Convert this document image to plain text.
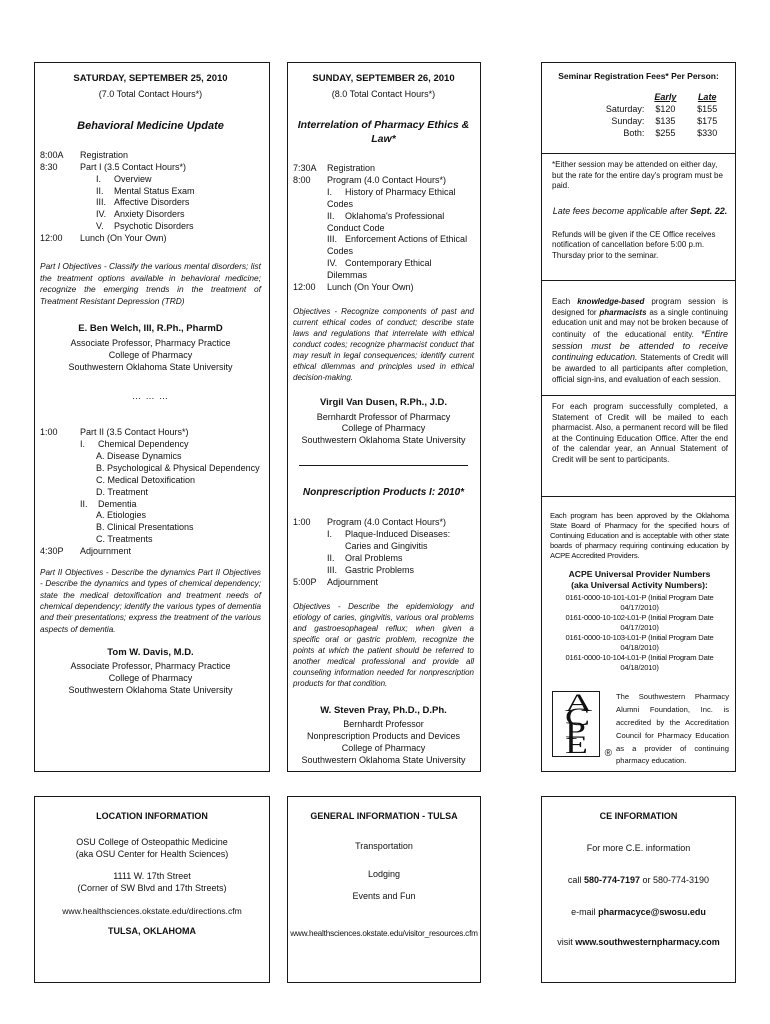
SATURDAY, SEPTEMBER 25, 2010
(7.0 Total Contact Hours*)
Behavioral Medicine Update
8:00A	Registration
8:30	Part I (3.5 Contact Hours*)
I. Overview
II. Mental Status Exam
III. Affective Disorders
IV. Anxiety Disorders
V. Psychotic Disorders
12:00	Lunch (On Your Own)
Part I Objectives - Classify the various mental disorders; list the treatment options available in behavioral medicine; recognize the emerging trends in the treatment of Treatment Resistant Depression (TRD)
E. Ben Welch, III, R.Ph., PharmD
Associate Professor, Pharmacy Practice
College of Pharmacy
Southwestern Oklahoma State University
… … …
1:00	Part II (3.5 Contact Hours*)
I. Chemical Dependency
A. Disease Dynamics
B. Psychological & Physical Dependency
C. Medical Detoxification
D. Treatment
II. Dementia
A. Etiologies
B. Clinical Presentations
C. Treatments
4:30P	Adjournment
Part II Objectives - Describe the dynamics Part II Objectives - Describe the dynamics and types of chemical dependency; state the medical detoxification and treatment needs of chemical dependency; identify the various types of dementia and their presentations; express the treatment of the various aspects of dementia.
Tom W. Davis, M.D.
Associate Professor, Pharmacy Practice
College of Pharmacy
Southwestern Oklahoma State University
SUNDAY, SEPTEMBER 26, 2010
(8.0 Total Contact Hours*)
Interrelation of Pharmacy Ethics & Law*
7:30A	Registration
8:00	Program (4.0 Contact Hours*)
I. History of Pharmacy Ethical Codes
II. Oklahoma's Professional Conduct Code
III. Enforcement Actions of Ethical Codes
IV. Contemporary Ethical Dilemmas
12:00	Lunch (On Your Own)
Objectives - Recognize components of past and current ethical codes of conduct; describe state laws and regulations that interrelate with ethical conduct codes; recognize pharmacist conduct that may result in legal consequences; identify current ethical dilemmas and principles used in ethical decision-making.
Virgil Van Dusen, R.Ph., J.D.
Bernhardt Professor of Pharmacy
College of Pharmacy
Southwestern Oklahoma State University
Nonprescription Products I: 2010*
1:00	Program (4.0 Contact Hours*)
I. Plaque-Induced Diseases:
Caries and Gingivitis
II. Oral Problems
III. Gastric Problems
5:00P	Adjournment
Objectives - Describe the epidemiology and etiology of caries, gingivitis, various oral problems and gastroesophageal reflux; when given a specific oral or gastric problem, recognize the points at which the patient should be referred to another medical professional and provide all counseling information needed for nonprescription products for that condition.
W. Steven Pray, Ph.D., D.Ph.
Bernhardt Professor
Nonprescription Products and Devices
College of Pharmacy
Southwestern Oklahoma State University
Seminar Registration Fees* Per Person:
	Early	Late
Saturday:	$120	$155
Sunday:	$135	$175
Both:	$255	$330
*Either session may be attended on either day, but the rate for the entire day's program must be paid.
Late fees become applicable after Sept. 22.
Refunds will be given if the CE Office receives notification of cancellation before 5:00 p.m. Thursday prior to the seminar.
Each knowledge-based program session is designed for pharmacists as a single continuing education unit and may not be broken because of continuity of the educational entity. *Entire session must be attended to receive continuing education. Statements of Credit will be awarded to all participants after completion, official sign-ins, and evaluation of each session.
For each program successfully completed, a Statement of Credit will be mailed to each pharmacist. Also, a permanent record will be filed at the Continuing Education Office. After the end of the calendar year, an Annual Statement of Credit will be sent to participants.
Each program has been approved by the Oklahoma State Board of Pharmacy for the specified hours of Continuing Education and is acceptable with other state boards of pharmacy requiring continuing education by ACPE Accredited Providers.
ACPE Universal Provider Numbers
(aka Universal Activity Numbers):
0161-0000-10-101-L01-P (Initial Program Date 04/17/2010)
0161-0000-10-102-L01-P (Initial Program Date 04/17/2010)
0161-0000-10-103-L01-P (Initial Program Date 04/18/2010)
0161-0000-10-104-L01-P (Initial Program Date 04/18/2010)
ACPE ®
The Southwestern Pharmacy Alumni Foundation, Inc. is accredited by the Accreditation Council for Pharmacy Education as a provider of continuing pharmacy education.
LOCATION INFORMATION
OSU College of Osteopathic Medicine
(aka OSU Center for Health Sciences)
1111 W. 17th Street
(Corner of SW Blvd and 17th Streets)
www.healthsciences.okstate.edu/directions.cfm
TULSA, OKLAHOMA
GENERAL INFORMATION - TULSA
Transportation
Lodging
Events and Fun
www.healthsciences.okstate.edu/visitor_resources.cfm
CE INFORMATION
For more C.E. information
call 580-774-7197 or 580-774-3190
e-mail pharmacyce@swosu.edu
visit www.southwesternpharmacy.com
